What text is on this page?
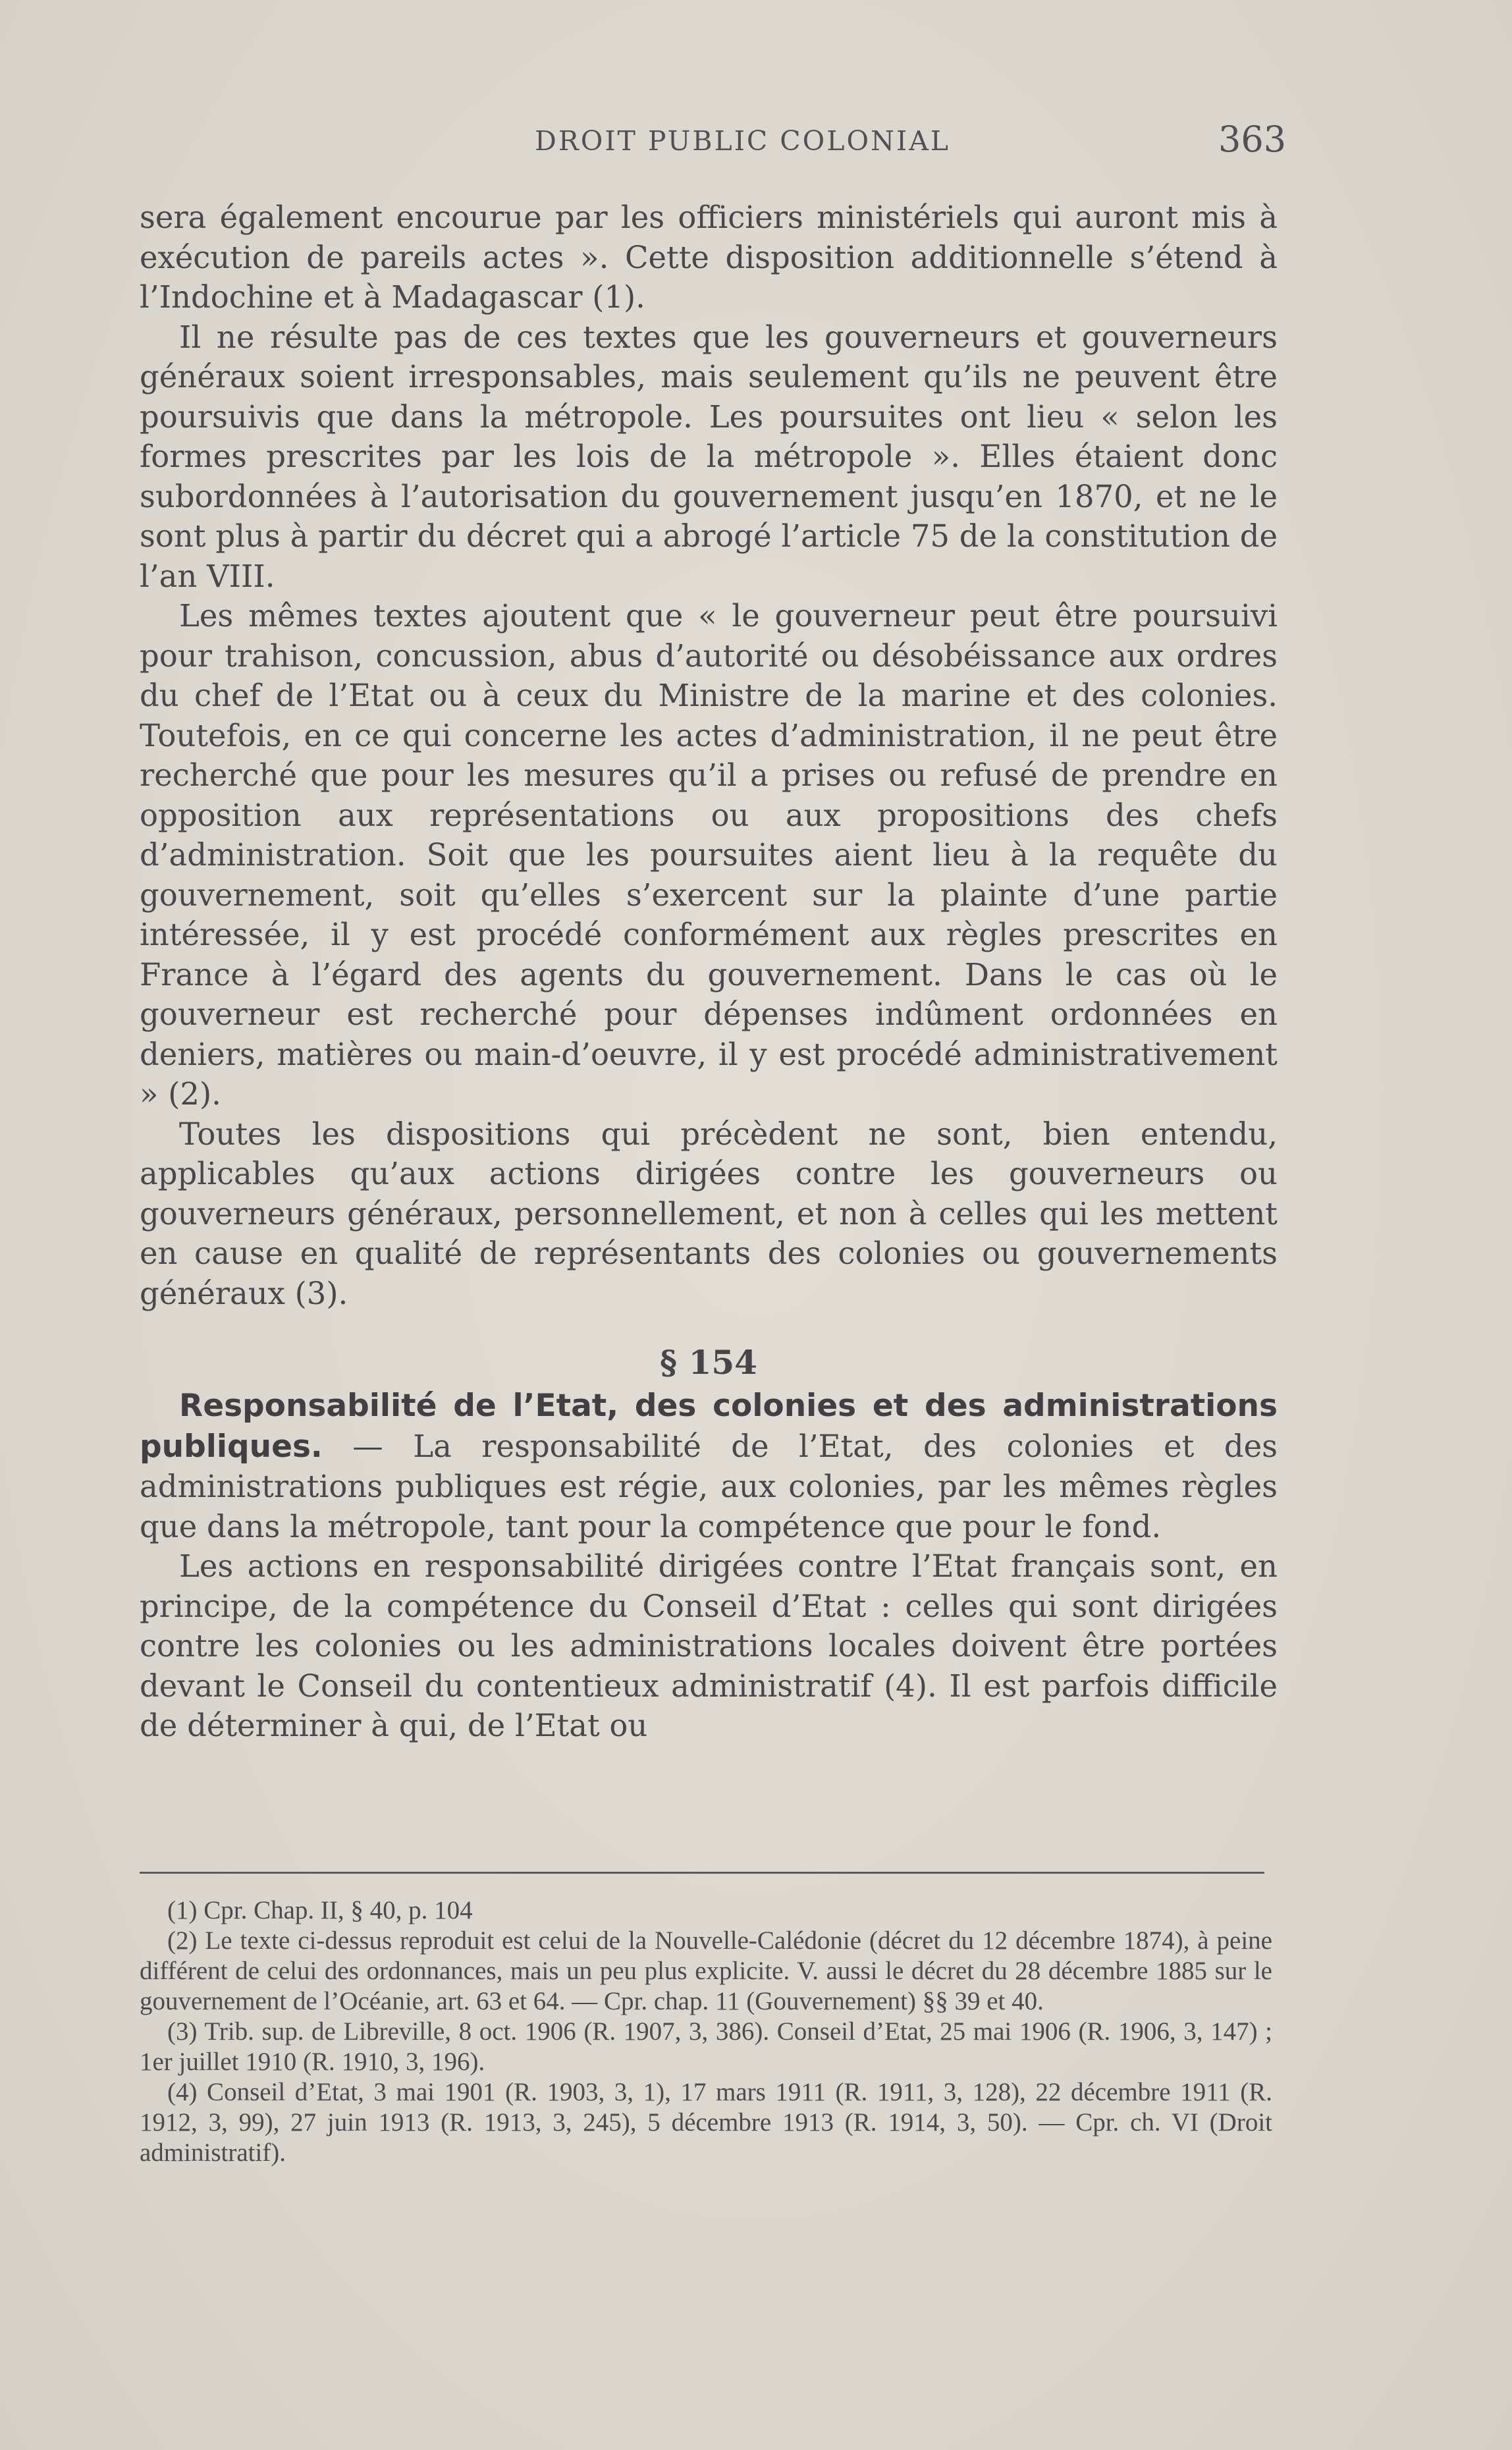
DROIT PUBLIC COLONIAL	363

sera également encourue par les officiers ministériels qui auront mis à exécution de pareils actes ». Cette disposition additionnelle s’étend à l’Indochine et à Madagascar (1).

Il ne résulte pas de ces textes que les gouverneurs et gouverneurs généraux soient irresponsables, mais seulement qu’ils ne peuvent être poursuivis que dans la métropole. Les poursuites ont lieu « selon les formes prescrites par les lois de la métropole ». Elles étaient donc subordonnées à l’autorisation du gouvernement jusqu’en 1870, et ne le sont plus à partir du décret qui a abrogé l’article 75 de la constitution de l’an VIII.

Les mêmes textes ajoutent que « le gouverneur peut être poursuivi pour trahison, concussion, abus d’autorité ou désobéissance aux ordres du chef de l’Etat ou à ceux du Ministre de la marine et des colonies. Toutefois, en ce qui concerne les actes d’administration, il ne peut être recherché que pour les mesures qu’il a prises ou refusé de prendre en opposition aux représentations ou aux propositions des chefs d’administration. Soit que les poursuites aient lieu à la requête du gouvernement, soit qu’elles s’exercent sur la plainte d’une partie intéressée, il y est procédé conformément aux règles prescrites en France à l’égard des agents du gouvernement. Dans le cas où le gouverneur est recherché pour dépenses indûment ordonnées en deniers, matières ou main-d’oeuvre, il y est procédé administrativement » (2).

Toutes les dispositions qui précèdent ne sont, bien entendu, applicables qu’aux actions dirigées contre les gouverneurs ou gouverneurs généraux, personnellement, et non à celles qui les mettent en cause en qualité de représentants des colonies ou gouvernements généraux (3).

§ 154

Responsabilité de l’Etat, des colonies et des administrations publiques. — La responsabilité de l’Etat, des colonies et des administrations publiques est régie, aux colonies, par les mêmes règles que dans la métropole, tant pour la compétence que pour le fond.

Les actions en responsabilité dirigées contre l’Etat français sont, en principe, de la compétence du Conseil d’Etat : celles qui sont dirigées contre les colonies ou les administrations locales doivent être portées devant le Conseil du contentieux administratif (4). Il est parfois difficile de déterminer à qui, de l’Etat ou

(1) Cpr. Chap. II, § 40, p. 104

(2) Le texte ci-dessus reproduit est celui de la Nouvelle-Calédonie (décret du 12 décembre 1874), à peine différent de celui des ordonnances, mais un peu plus explicite. V. aussi le décret du 28 décembre 1885 sur le gouvernement de l’Océanie, art. 63 et 64. — Cpr. chap. 11 (Gouvernement) §§ 39 et 40.

(3) Trib. sup. de Libreville, 8 oct. 1906 (R. 1907, 3, 386). Conseil d’Etat, 25 mai 1906 (R. 1906, 3, 147) ; 1er juillet 1910 (R. 1910, 3, 196).

(4) Conseil d’Etat, 3 mai 1901 (R. 1903, 3, 1), 17 mars 1911 (R. 1911, 3, 128), 22 décembre 1911 (R. 1912, 3, 99), 27 juin 1913 (R. 1913, 3, 245), 5 décembre 1913 (R. 1914, 3, 50). — Cpr. ch. VI (Droit administratif).
